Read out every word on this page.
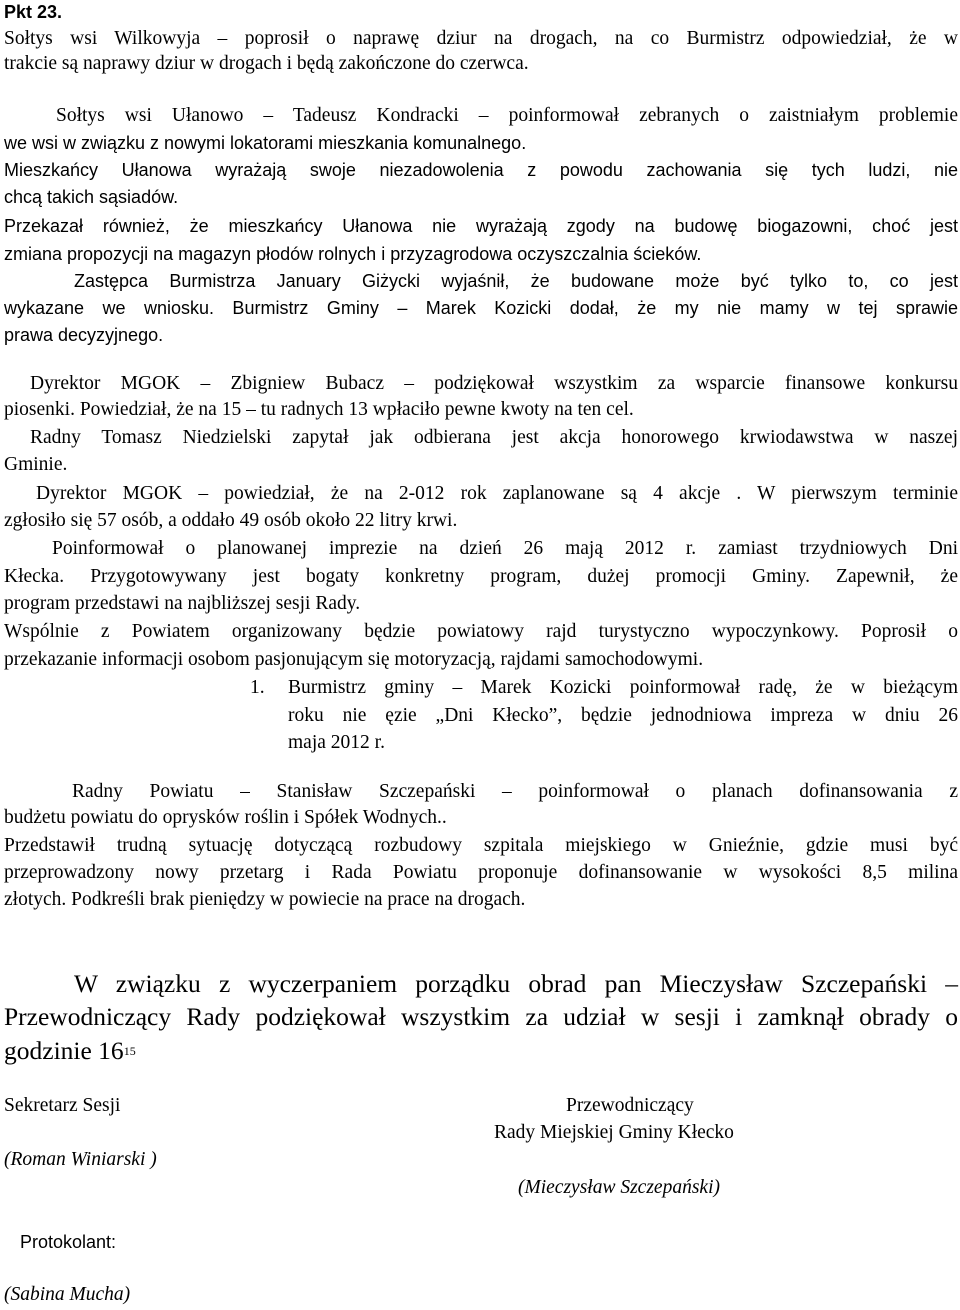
Pkt 23.
Sołtys wsi Wilkowyja – poprosił o naprawę dziur na drogach, na co Burmistrz odpowiedział, że w
trakcie są naprawy dziur w drogach i będą zakończone do czerwca.
Sołtys wsi Ułanowo – Tadeusz Kondracki – poinformował zebranych o zaistniałym problemie
we wsi w związku z nowymi lokatorami mieszkania komunalnego.
Mieszkańcy Ułanowa wyrażają swoje niezadowolenia z powodu zachowania się tych ludzi, nie
chcą takich sąsiadów.
Przekazał również, że mieszkańcy Ułanowa nie wyrażają zgody na budowę biogazowni, choć jest
zmiana propozycji na magazyn płodów rolnych i przyzagrodowa oczyszczalnia ścieków.
Zastępca Burmistrza January Giżycki wyjaśnił, że budowane może być tylko to, co jest
wykazane we wniosku. Burmistrz Gminy – Marek Kozicki dodał, że my nie mamy w tej sprawie
prawa decyzyjnego.
Dyrektor MGOK – Zbigniew Bubacz – podziękował wszystkim za wsparcie finansowe konkursu
piosenki. Powiedział, że na 15 – tu radnych 13 wpłaciło pewne kwoty na ten cel.
Radny Tomasz Niedzielski zapytał jak odbierana jest akcja honorowego krwiodawstwa w naszej
Gminie.
Dyrektor MGOK – powiedział, że na 2-012 rok zaplanowane są 4 akcje . W pierwszym terminie
zgłosiło się 57 osób, a oddało 49 osób około 22 litry krwi.
Poinformował o planowanej imprezie na dzień 26 mają 2012 r. zamiast trzydniowych Dni
Kłecka. Przygotowywany jest bogaty konkretny program, dużej promocji Gminy. Zapewnił, że
program przedstawi na najbliższej sesji Rady.
Wspólnie z Powiatem organizowany będzie powiatowy rajd turystyczno wypoczynkowy. Poprosił o
przekazanie informacji osobom pasjonującym się motoryzacją, rajdami samochodowymi.
1. Burmistrz gminy – Marek Kozicki poinformował radę, że w bieżącym
roku nie ęzie „Dni Kłecko”, będzie jednodniowa impreza w dniu 26
maja 2012 r.
Radny Powiatu – Stanisław Szczepański – poinformował o planach dofinansowania z
budżetu powiatu do oprysków roślin i Spółek Wodnych..
Przedstawił trudną sytuację dotyczącą rozbudowy szpitala miejskiego w Gnieźnie, gdzie musi być
przeprowadzony nowy przetarg i Rada Powiatu proponuje dofinansowanie w wysokości 8,5 milina
złotych. Podkreśli brak pieniędzy w powiecie na prace na drogach.
W związku z wyczerpaniem porządku obrad pan Mieczysław Szczepański –
Przewodniczący Rady podziękował wszystkim za udział w sesji i zamknął obrady o
godzinie $16^{15}$
Sekretarz Sesji
(Roman Winiarski )
Przewodniczący
Rady Miejskiej Gminy Kłecko
(Mieczysław Szczepański)
Protokolant:
(Sabina Mucha)
